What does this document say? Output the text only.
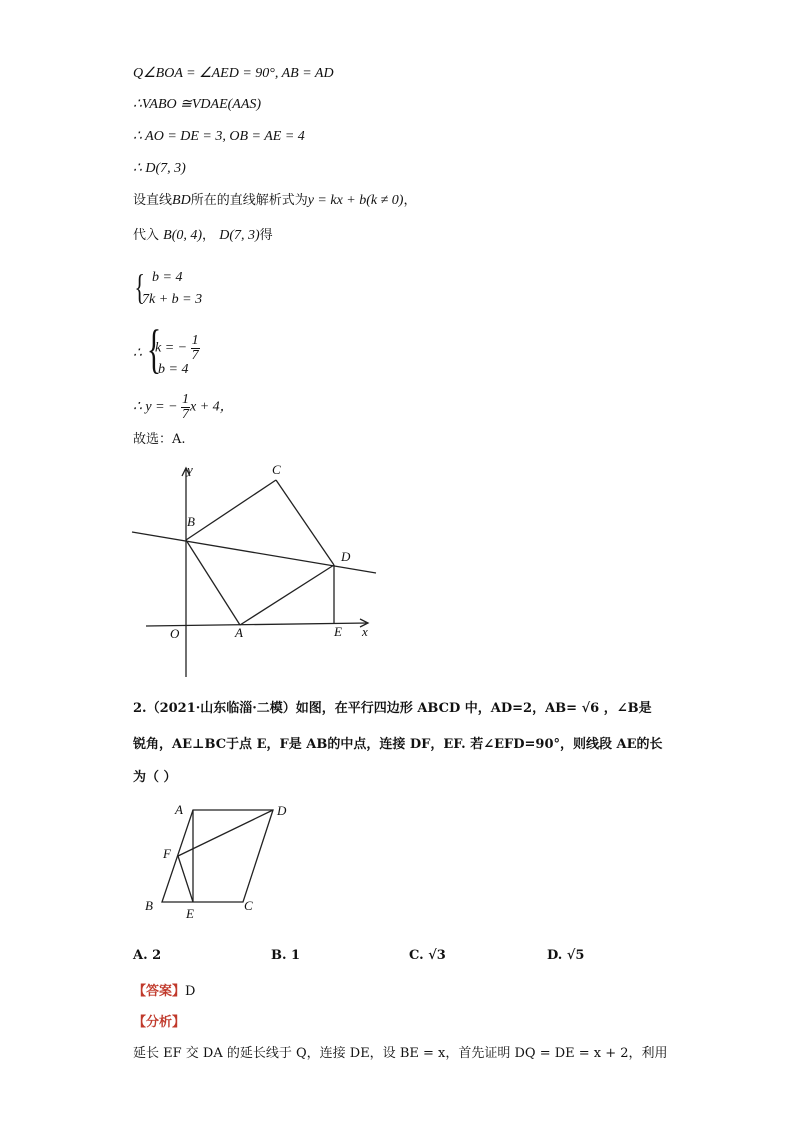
Q∠BOA = ∠AED = 90°, AB = AD
∴VABO ≅VDAE(AAS)
∴ AO = DE = 3, OB = AE = 4
∴ D(7, 3)
设直线BD所在的直线解析式为y = kx + b(k ≠ 0)，
代入 B(0, 4)， D(7, 3)得
{ b = 4
7k + b = 3
∴ {
k = − $\frac{1}{7}$
b = 4
∴ y = − $\frac{1}{7}$ x + 4，
故选：A.
y	C
B
D
O	A	E x
2.（2021·山东临淄·二模）如图，在平行四边形 ABCD 中，AD=2，AB= √6 ，∠B是
锐角，AE⊥BC于点 E，F是 AB的中点，连接 DF，EF. 若∠EFD=90°，则线段 AE的长
为（ ）
A	D
F
B
E
C
A. 2	B. 1	C. √3	D. √5
【答案】D
【分析】
延长 EF 交 DA 的延长线于 Q，连接 DE，设 BE = x，首先证明 DQ = DE = x + 2，利用
